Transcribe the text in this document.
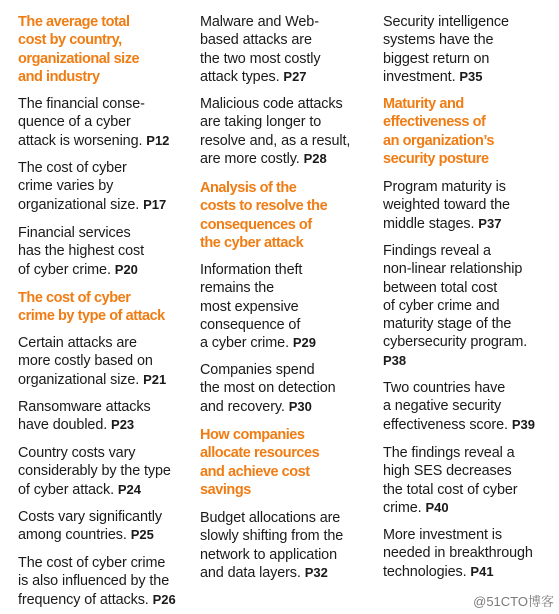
The average total
cost by country,
organizational size
and industry
The financial conse-
quence of a cyber
attack is worsening. P12
The cost of cyber
crime varies by
organizational size. P17
Financial services
has the highest cost
of cyber crime. P20
The cost of cyber
crime by type of attack
Certain attacks are
more costly based on
organizational size. P21
Ransomware attacks
have doubled. P23
Country costs vary
considerably by the type
of cyber attack. P24
Costs vary significantly
among countries. P25
The cost of cyber crime
is also influenced by the
frequency of attacks. P26
Malware and Web-
based attacks are
the two most costly
attack types. P27
Malicious code attacks
are taking longer to
resolve and, as a result,
are more costly. P28
Analysis of the
costs to resolve the
consequences of
the cyber attack
Information theft
remains the
most expensive
consequence of
a cyber crime. P29
Companies spend
the most on detection
and recovery. P30
How companies
allocate resources
and achieve cost
savings
Budget allocations are
slowly shifting from the
network to application
and data layers. P32
Security intelligence
systems have the
biggest return on
investment. P35
Maturity and
effectiveness of
an organization’s
security posture
Program maturity is
weighted toward the
middle stages. P37
Findings reveal a
non-linear relationship
between total cost
of cyber crime and
maturity stage of the
cybersecurity program.
P38
Two countries have
a negative security
effectiveness score. P39
The findings reveal a
high SES decreases
the total cost of cyber
crime. P40
More investment is
needed in breakthrough
technologies. P41
@51CTO博客
